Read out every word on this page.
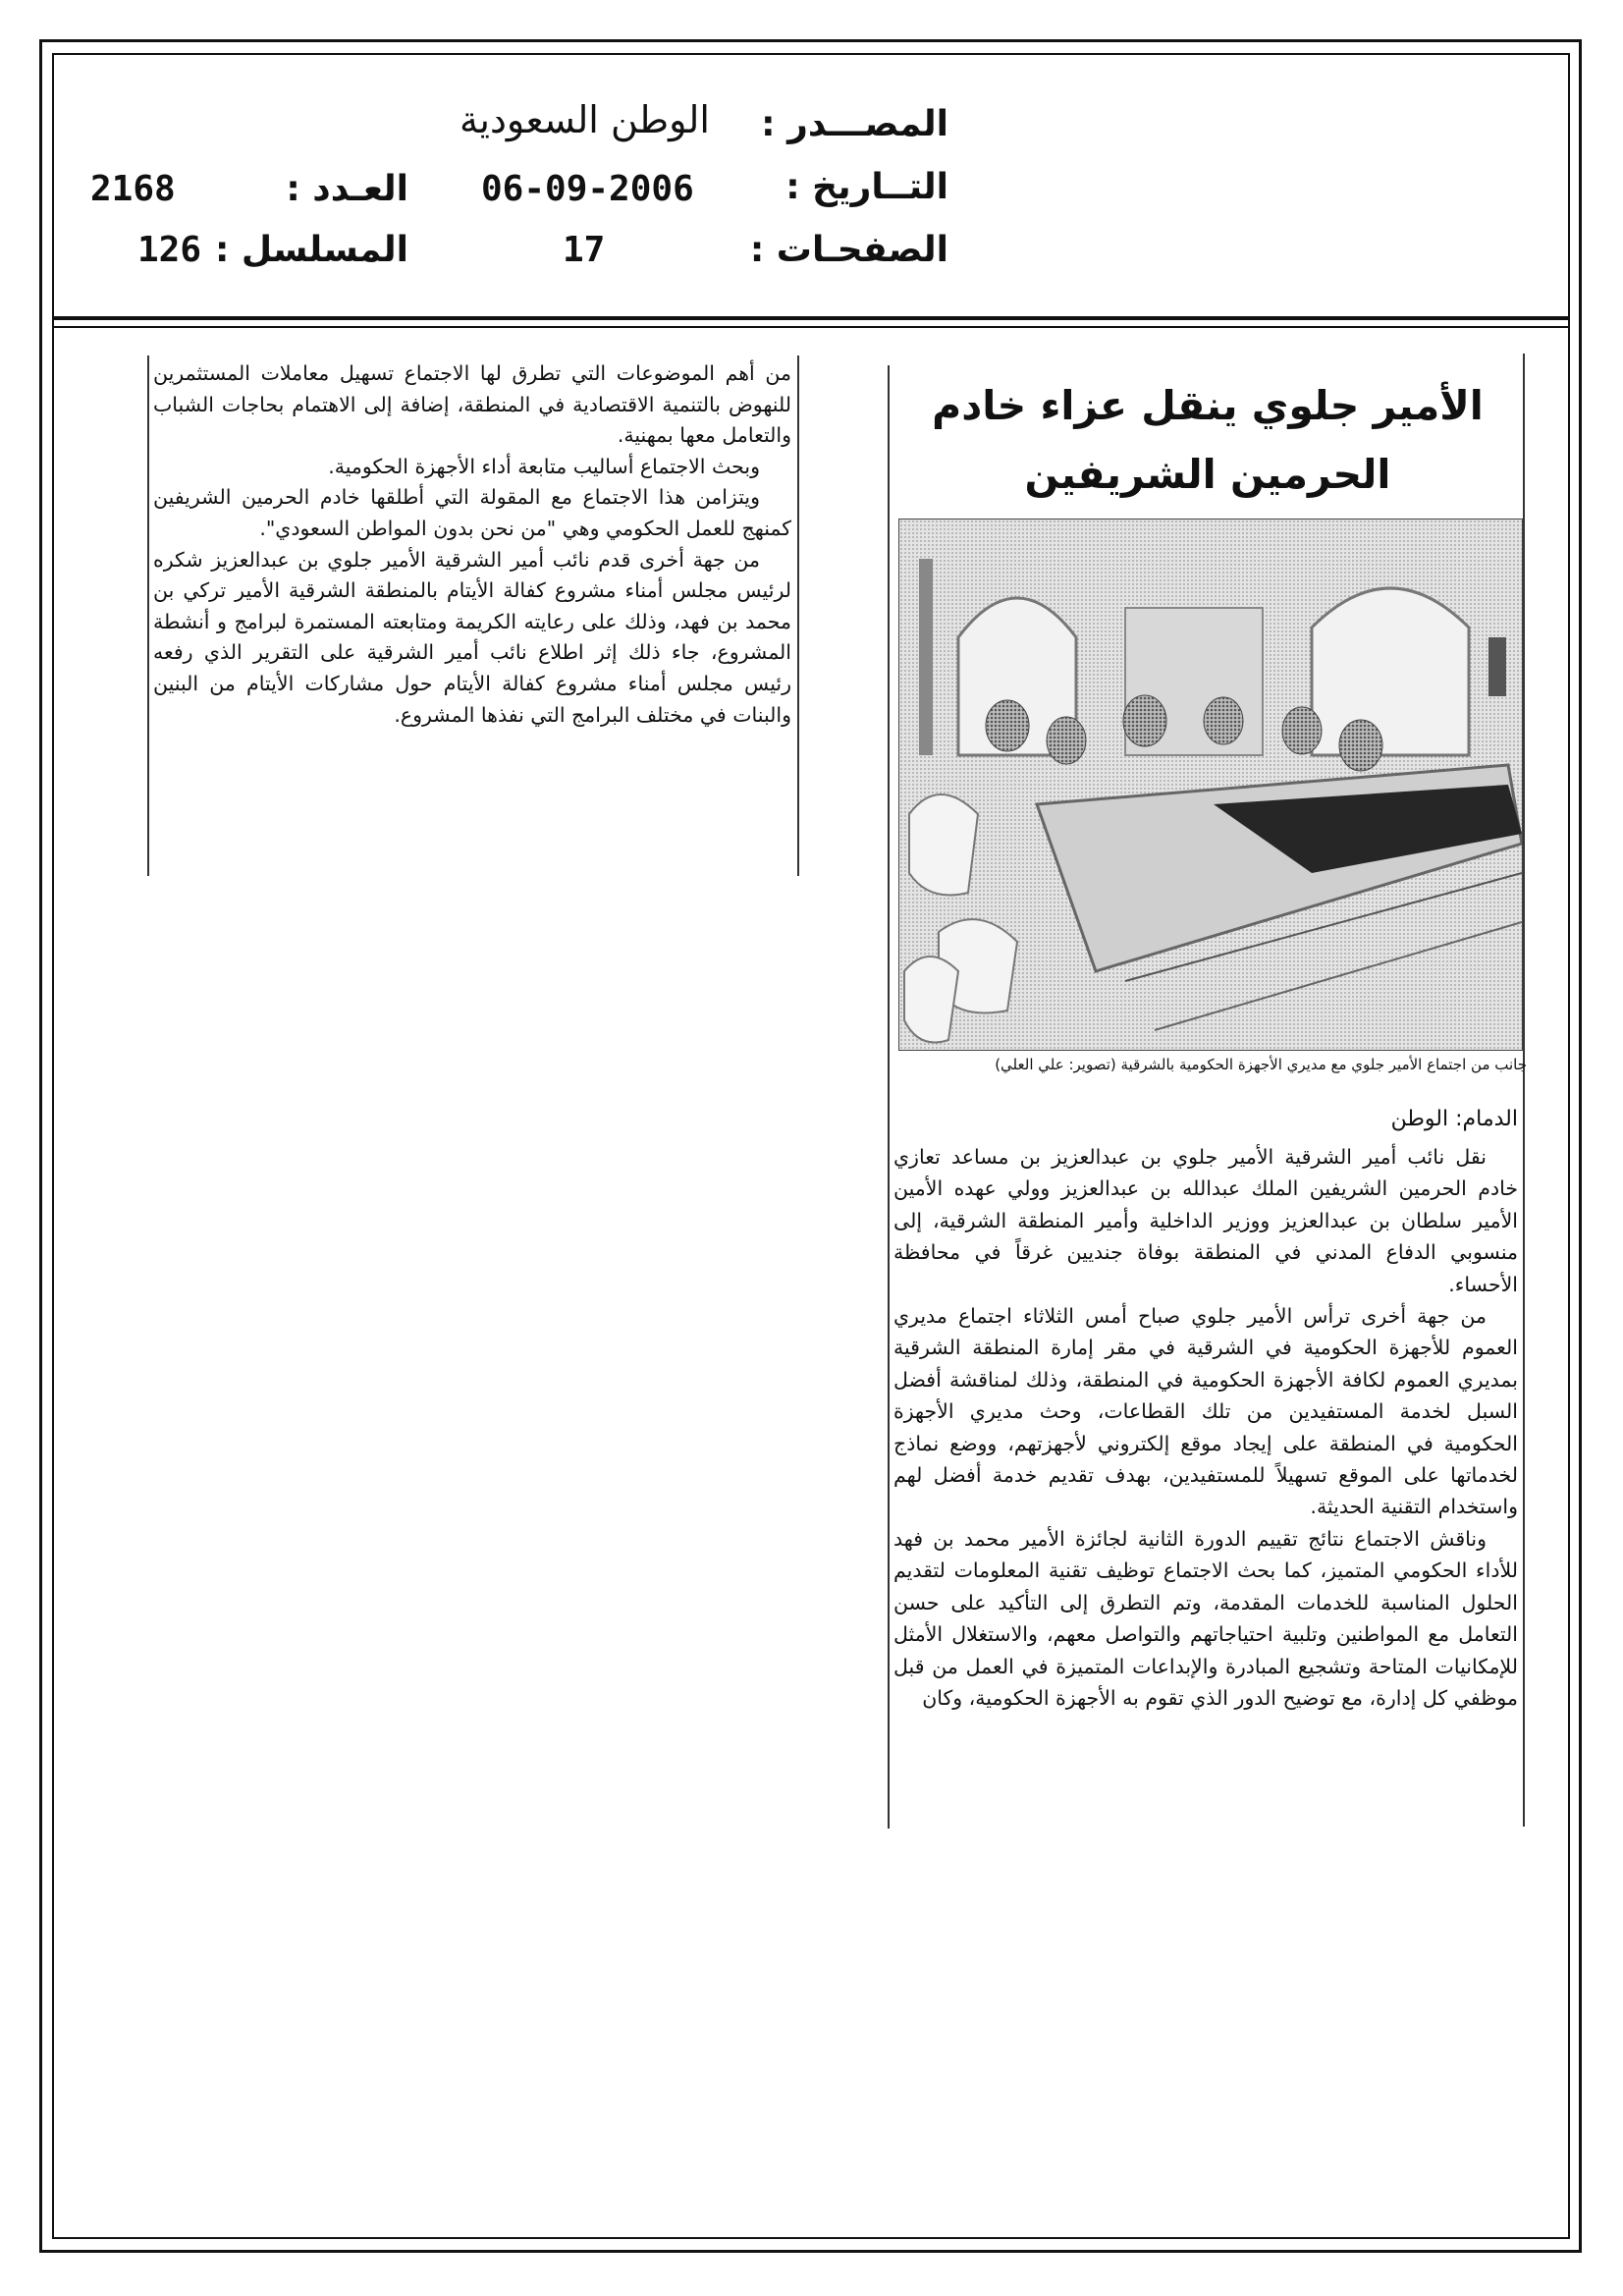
المصـــدر :
الوطن السعودية
التــاريخ :
06-09-2006
الصفحـات :
17
العـدد :
2168
المسلسل :
126
الأمير جلوي ينقل عزاء خادم الحرمين الشريفين
جانب من اجتماع الأمير جلوي مع مديري الأجهزة الحكومية بالشرقية (تصوير: علي العلي)
الدمام: الوطن

نقل نائب أمير الشرقية الأمير جلوي بن عبدالعزيز بن مساعد تعازي خادم الحرمين الشريفين الملك عبدالله بن عبدالعزيز وولي عهده الأمين الأمير سلطان بن عبدالعزيز ووزير الداخلية وأمير المنطقة الشرقية، إلى منسوبي الدفاع المدني في المنطقة بوفاة جنديين غرقاً في محافظة الأحساء.

من جهة أخرى ترأس الأمير جلوي صباح أمس الثلاثاء اجتماع مديري العموم للأجهزة الحكومية في الشرقية في مقر إمارة المنطقة الشرقية بمديري العموم لكافة الأجهزة الحكومية في المنطقة، وذلك لمناقشة أفضل السبل لخدمة المستفيدين من تلك القطاعات، وحث مديري الأجهزة الحكومية في المنطقة على إيجاد موقع إلكتروني لأجهزتهم، ووضع نماذج لخدماتها على الموقع تسهيلاً للمستفيدين، بهدف تقديم خدمة أفضل لهم واستخدام التقنية الحديثة.

وناقش الاجتماع نتائج تقييم الدورة الثانية لجائزة الأمير محمد بن فهد للأداء الحكومي المتميز، كما بحث الاجتماع توظيف تقنية المعلومات لتقديم الحلول المناسبة للخدمات المقدمة، وتم التطرق إلى التأكيد على حسن التعامل مع المواطنين وتلبية احتياجاتهم والتواصل معهم، والاستغلال الأمثل للإمكانيات المتاحة وتشجيع المبادرة والإبداعات المتميزة في العمل من قبل موظفي كل إدارة، مع توضيح الدور الذي تقوم به الأجهزة الحكومية، وكان

من أهم الموضوعات التي تطرق لها الاجتماع تسهيل معاملات المستثمرين للنهوض بالتنمية الاقتصادية في المنطقة، إضافة إلى الاهتمام بحاجات الشباب والتعامل معها بمهنية.

وبحث الاجتماع أساليب متابعة أداء الأجهزة الحكومية.

ويتزامن هذا الاجتماع مع المقولة التي أطلقها خادم الحرمين الشريفين كمنهج للعمل الحكومي وهي "من نحن بدون المواطن السعودي".

من جهة أخرى قدم نائب أمير الشرقية الأمير جلوي بن عبدالعزيز شكره لرئيس مجلس أمناء مشروع كفالة الأيتام بالمنطقة الشرقية الأمير تركي بن محمد بن فهد، وذلك على رعايته الكريمة ومتابعته المستمرة لبرامج و أنشطة المشروع، جاء ذلك إثر اطلاع نائب أمير الشرقية على التقرير الذي رفعه رئيس مجلس أمناء مشروع كفالة الأيتام حول مشاركات الأيتام من البنين والبنات في مختلف البرامج التي نفذها المشروع.
